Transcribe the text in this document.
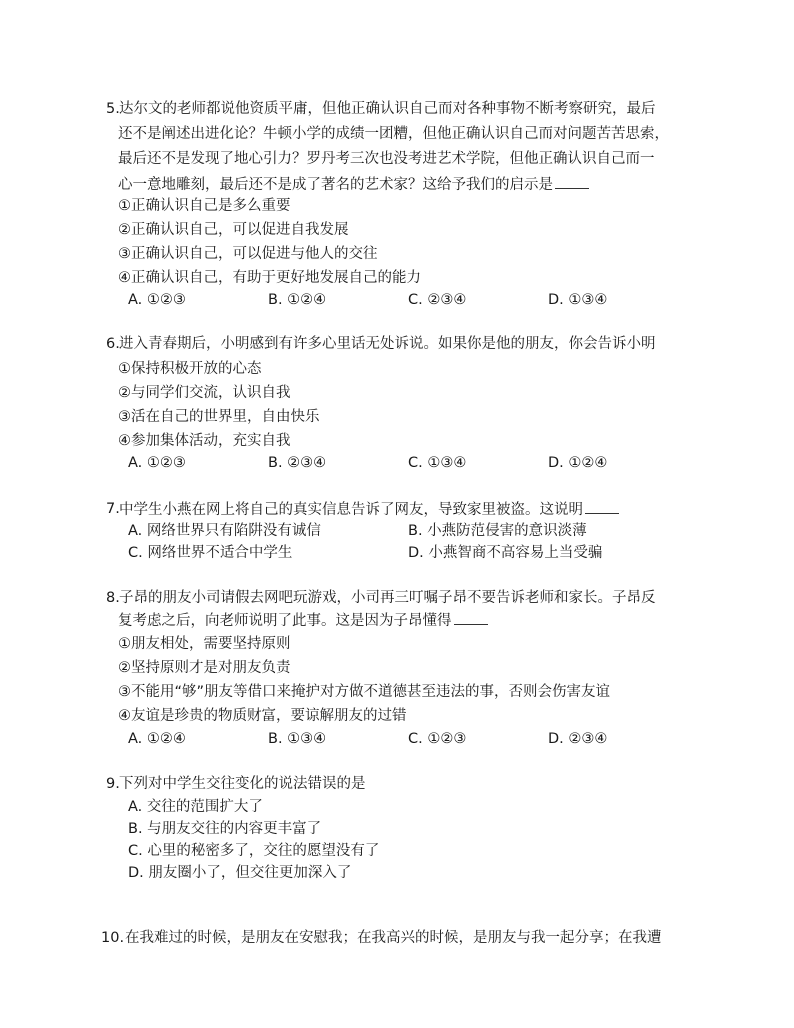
5. 达尔文的老师都说他资质平庸，但他正确认识自己而对各种事物不断考察研究，最后
还不是阐述出进化论？牛顿小学的成绩一团糟，但他正确认识自己而对问题苦苦思索，
最后还不是发现了地心引力？罗丹考三次也没考进艺术学院，但他正确认识自己而一
心一意地雕刻，最后还不是成了著名的艺术家？这给予我们的启示是
①正确认识自己是多么重要
②正确认识自己，可以促进自我发展
③正确认识自己，可以促进与他人的交往
④正确认识自己，有助于更好地发展自己的能力
A. ①②③	B. ①②④	C. ②③④	D. ①③④
6. 进入青春期后，小明感到有许多心里话无处诉说。如果你是他的朋友，你会告诉小明
①保持积极开放的心态
②与同学们交流，认识自我
③活在自己的世界里，自由快乐
④参加集体活动，充实自我
A. ①②③	B. ②③④	C. ①③④	D. ①②④
7. 中学生小燕在网上将自己的真实信息告诉了网友，导致家里被盗。这说明
A. 网络世界只有陷阱没有诚信	B. 小燕防范侵害的意识淡薄
C. 网络世界不适合中学生	D. 小燕智商不高容易上当受骗
8. 子昂的朋友小司请假去网吧玩游戏，小司再三叮嘱子昂不要告诉老师和家长。子昂反
复考虑之后，向老师说明了此事。这是因为子昂懂得
①朋友相处，需要坚持原则
②坚持原则才是对朋友负责
③不能用“够”朋友等借口来掩护对方做不道德甚至违法的事，否则会伤害友谊
④友谊是珍贵的物质财富，要谅解朋友的过错
A. ①②④	B. ①③④	C. ①②③	D. ②③④
9. 下列对中学生交往变化的说法错误的是
A. 交往的范围扩大了
B. 与朋友交往的内容更丰富了
C. 心里的秘密多了，交往的愿望没有了
D. 朋友圈小了，但交往更加深入了
10. 在我难过的时候，是朋友在安慰我；在我高兴的时候，是朋友与我一起分享；在我遭
